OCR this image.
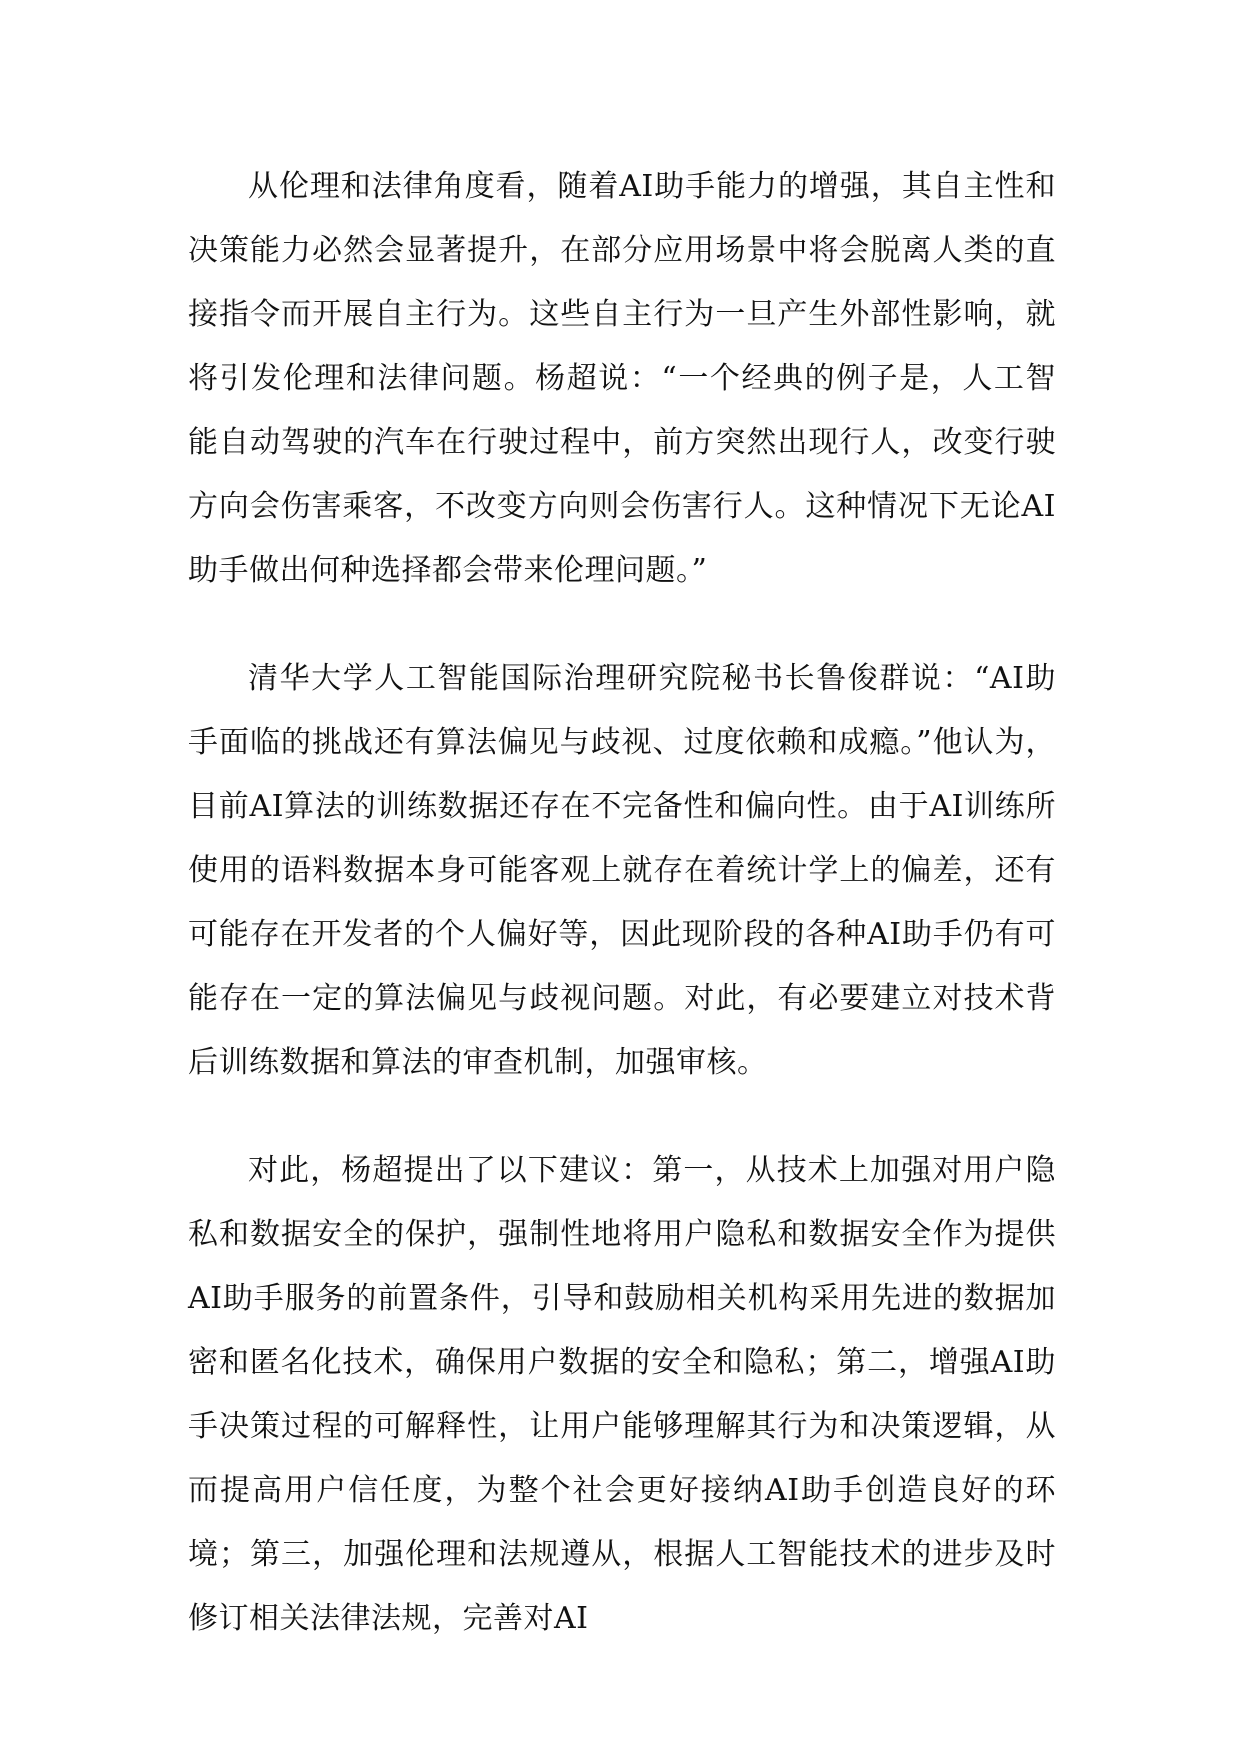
从伦理和法律角度看，随着AI助手能力的增强，其自主性和决策能力必然会显著提升，在部分应用场景中将会脱离人类的直接指令而开展自主行为。这些自主行为一旦产生外部性影响，就将引发伦理和法律问题。杨超说：“一个经典的例子是，人工智能自动驾驶的汽车在行驶过程中，前方突然出现行人，改变行驶方向会伤害乘客，不改变方向则会伤害行人。这种情况下无论AI助手做出何种选择都会带来伦理问题。”

清华大学人工智能国际治理研究院秘书长鲁俊群说：“AI助手面临的挑战还有算法偏见与歧视、过度依赖和成瘾。”他认为，目前AI算法的训练数据还存在不完备性和偏向性。由于AI训练所使用的语料数据本身可能客观上就存在着统计学上的偏差，还有可能存在开发者的个人偏好等，因此现阶段的各种AI助手仍有可能存在一定的算法偏见与歧视问题。对此，有必要建立对技术背后训练数据和算法的审查机制，加强审核。

对此，杨超提出了以下建议：第一，从技术上加强对用户隐私和数据安全的保护，强制性地将用户隐私和数据安全作为提供AI助手服务的前置条件，引导和鼓励相关机构采用先进的数据加密和匿名化技术，确保用户数据的安全和隐私；第二，增强AI助手决策过程的可解释性，让用户能够理解其行为和决策逻辑，从而提高用户信任度，为整个社会更好接纳AI助手创造良好的环境；第三，加强伦理和法规遵从，根据人工智能技术的进步及时修订相关法律法规，完善对AI
